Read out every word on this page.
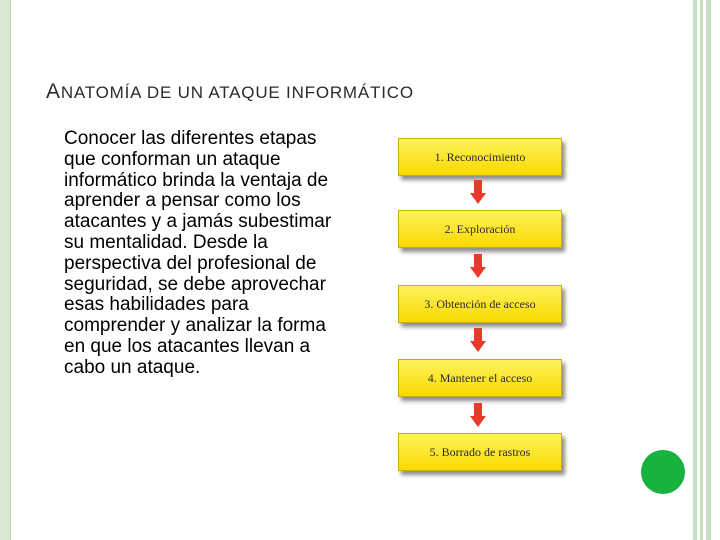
ANATOMÍA DE UN ATAQUE INFORMÁTICO

Conocer las diferentes etapas que conforman un ataque informático brinda la ventaja de aprender a pensar como los atacantes y a jamás subestimar su mentalidad. Desde la perspectiva del profesional de seguridad, se debe aprovechar esas habilidades para comprender y analizar la forma en que los atacantes llevan a cabo un ataque.

1. Reconocimiento
2. Exploración
3. Obtención de acceso
4. Mantener el acceso
5. Borrado de rastros
